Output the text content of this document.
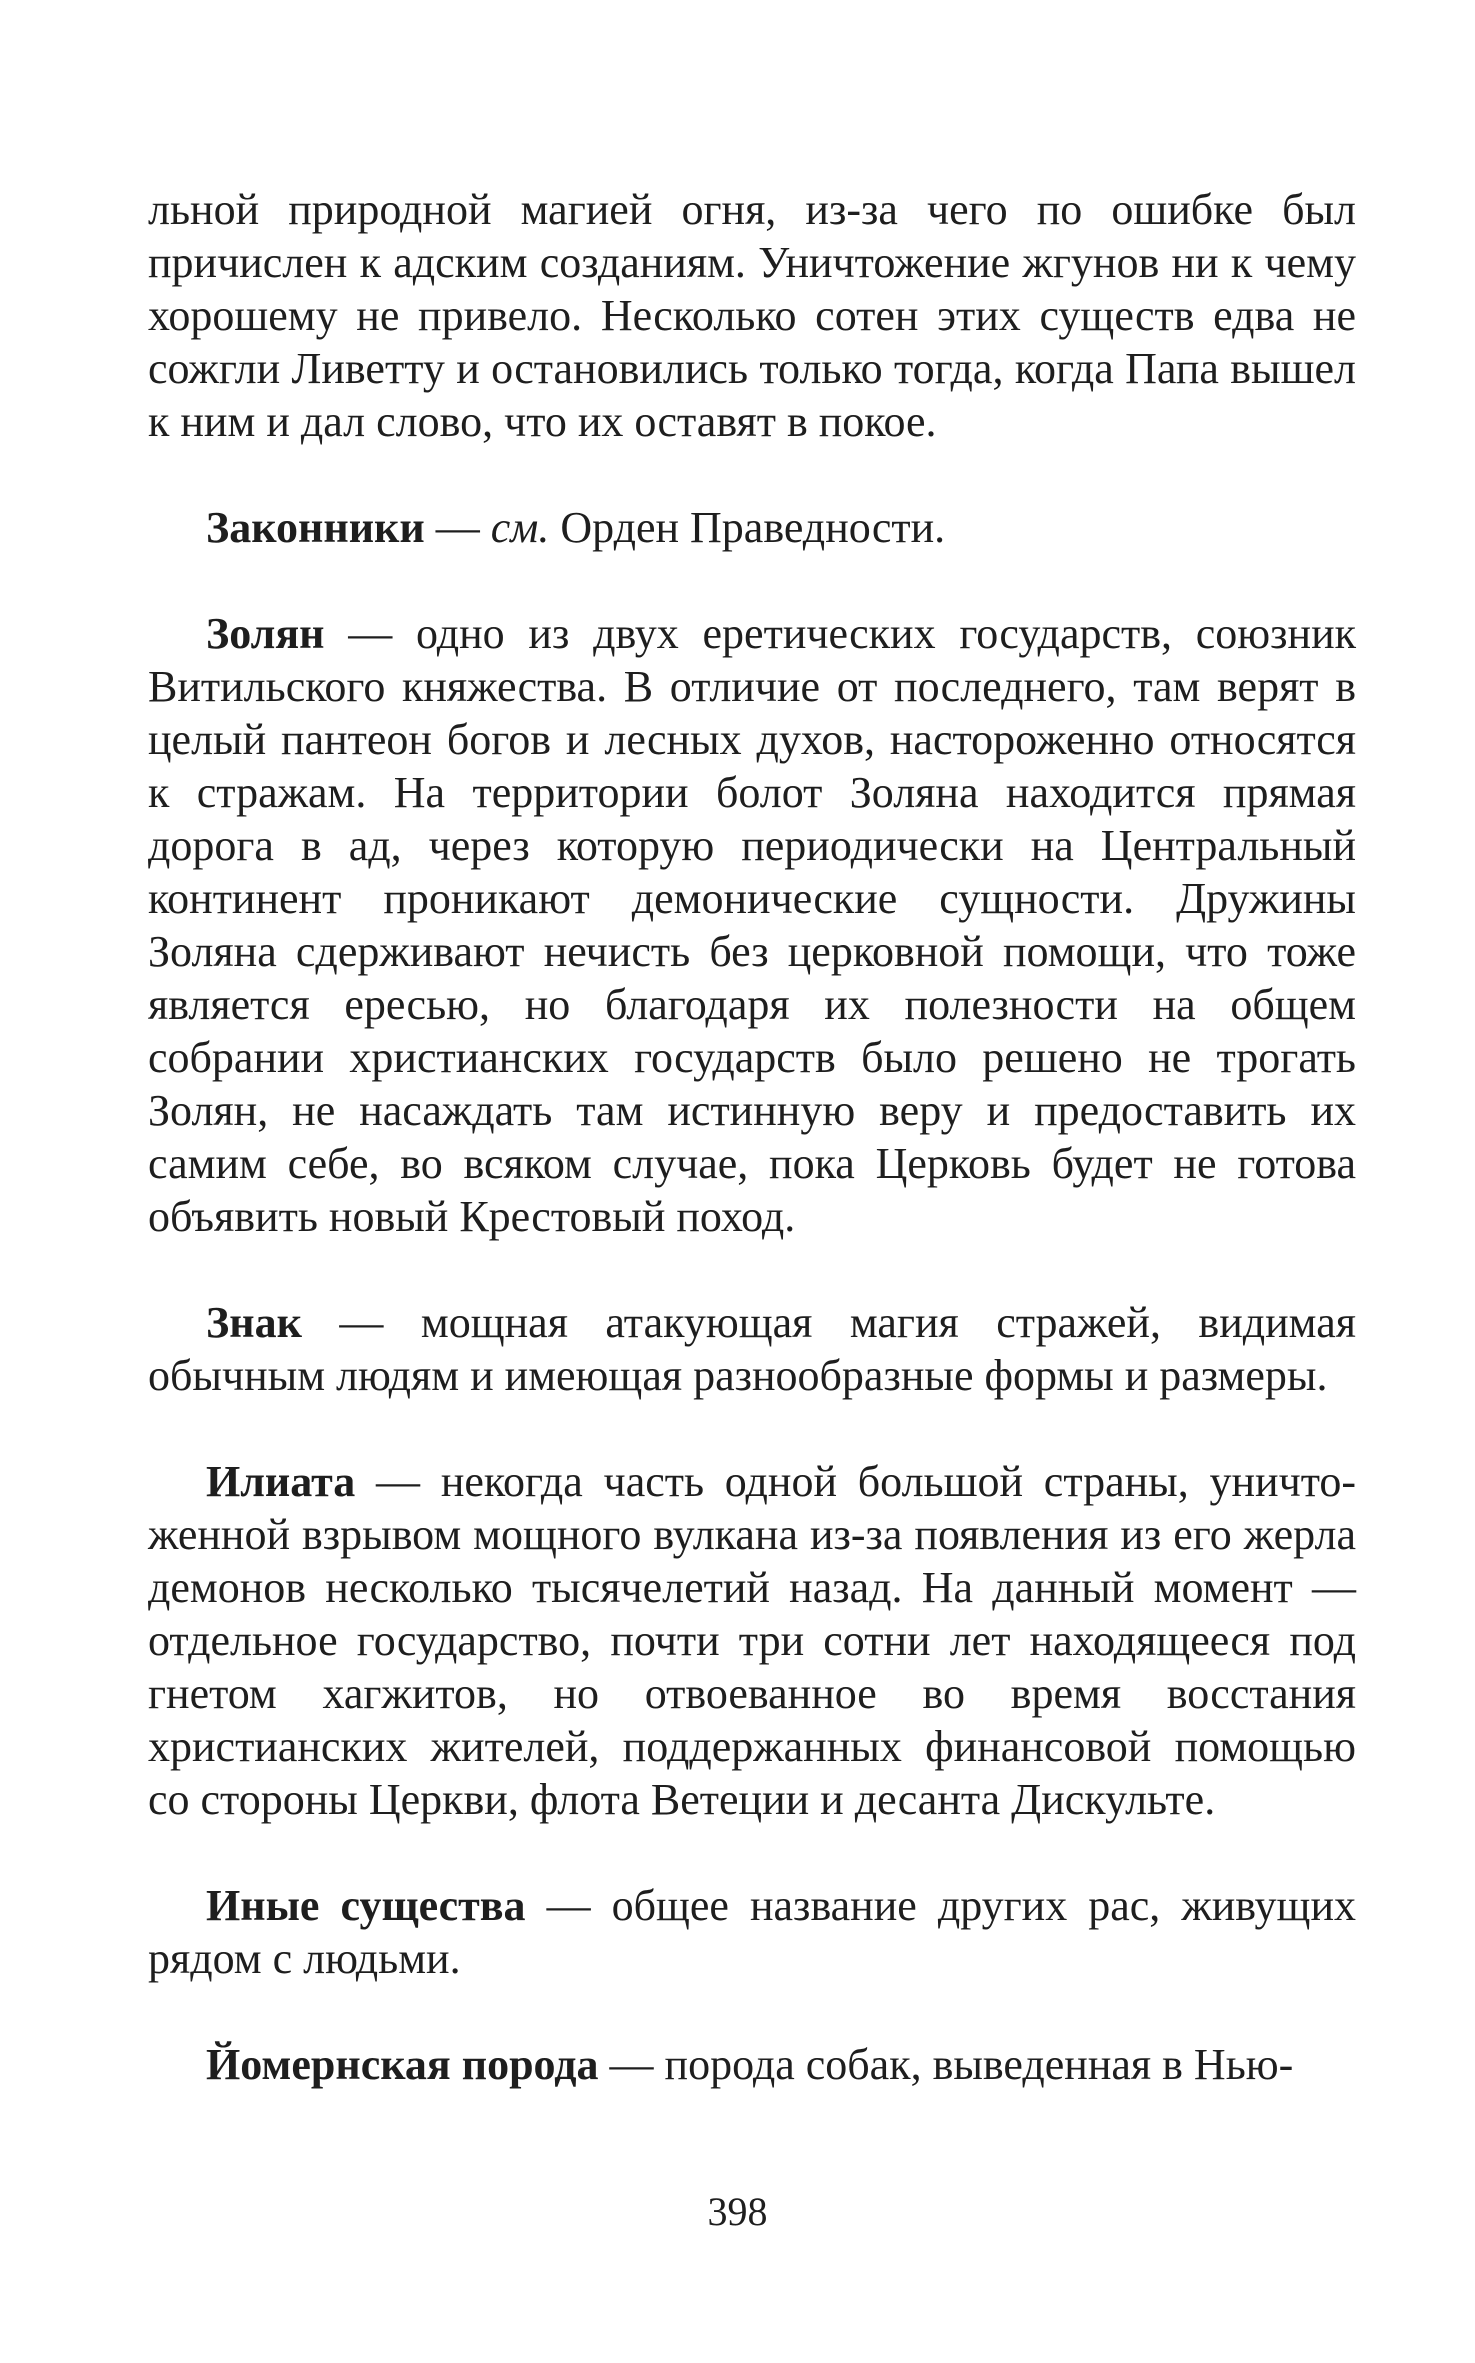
льной природной магией огня, из-за чего по ошибке был причислен к адским созданиям. Уничтожение жгунов ни к чему хорошему не привело. Несколько сотен этих существ едва не сожгли Ливетту и остановились только тогда, когда Папа вышел к ним и дал слово, что их оставят в покое.

Законники — см. Орден Праведности.

Золян — одно из двух еретических государств, союзник Витильского княжества. В отличие от последнего, там верят в целый пантеон богов и лесных духов, настороженно относятся к стражам. На территории болот Золяна находится прямая дорога в ад, через которую периодически на Центральный континент проникают демонические сущности. Дружины Золяна сдерживают нечисть без церковной помощи, что тоже является ересью, но благодаря их полезности на общем собрании христианских государств было решено не трогать Золян, не насаждать там истинную веру и предоставить их самим себе, во всяком случае, пока Церковь будет не готова объявить новый Крестовый поход.

Знак — мощная атакующая магия стражей, видимая обычным людям и имеющая разнообразные формы и размеры.

Илиата — некогда часть одной большой страны, уничтоженной взрывом мощного вулкана из-за появления из его жерла демонов несколько тысячелетий назад. На данный момент — отдельное государство, почти три сотни лет находящееся под гнетом хагжитов, но отвоеванное во время восстания христианских жителей, поддержанных финансовой помощью со стороны Церкви, флота Ветеции и десанта Дискульте.

Иные существа — общее название других рас, живущих рядом с людьми.

Йомернская порода — порода собак, выведенная в Нью-

398
